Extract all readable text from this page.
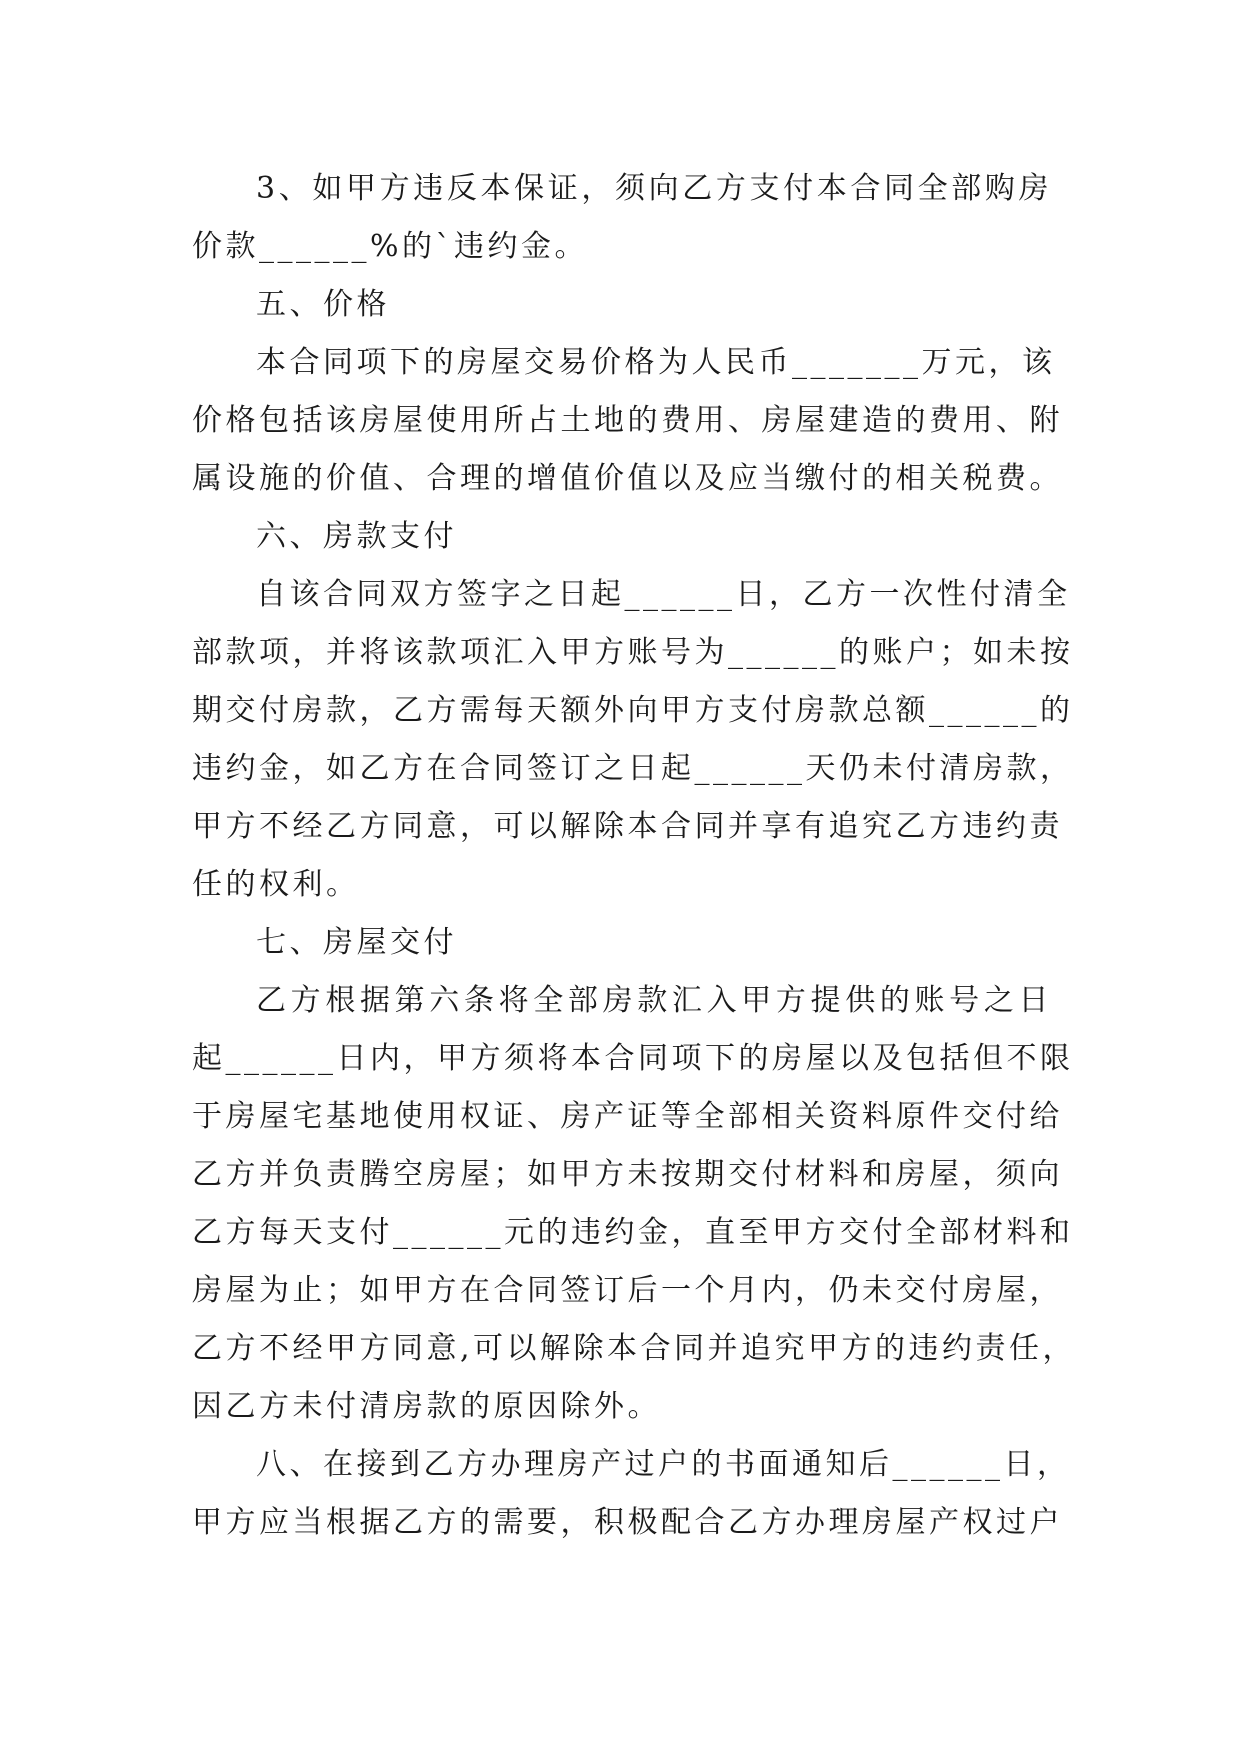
3、如甲方违反本保证，须向乙方支付本合同全部购房

价款______%的`违约金。

五、价格

本合同项下的房屋交易价格为人民币_______万元，该

价格包括该房屋使用所占土地的费用、房屋建造的费用、附

属设施的价值、合理的增值价值以及应当缴付的相关税费。

六、房款支付

自该合同双方签字之日起______日，乙方一次性付清全

部款项，并将该款项汇入甲方账号为______的账户；如未按

期交付房款，乙方需每天额外向甲方支付房款总额______的

违约金，如乙方在合同签订之日起______天仍未付清房款，

甲方不经乙方同意，可以解除本合同并享有追究乙方违约责

任的权利。

七、房屋交付

乙方根据第六条将全部房款汇入甲方提供的账号之日

起______日内，甲方须将本合同项下的房屋以及包括但不限

于房屋宅基地使用权证、房产证等全部相关资料原件交付给

乙方并负责腾空房屋；如甲方未按期交付材料和房屋，须向

乙方每天支付______元的违约金，直至甲方交付全部材料和

房屋为止；如甲方在合同签订后一个月内，仍未交付房屋，

乙方不经甲方同意,可以解除本合同并追究甲方的违约责任，

因乙方未付清房款的原因除外。

八、在接到乙方办理房产过户的书面通知后______日，

甲方应当根据乙方的需要，积极配合乙方办理房屋产权过户
